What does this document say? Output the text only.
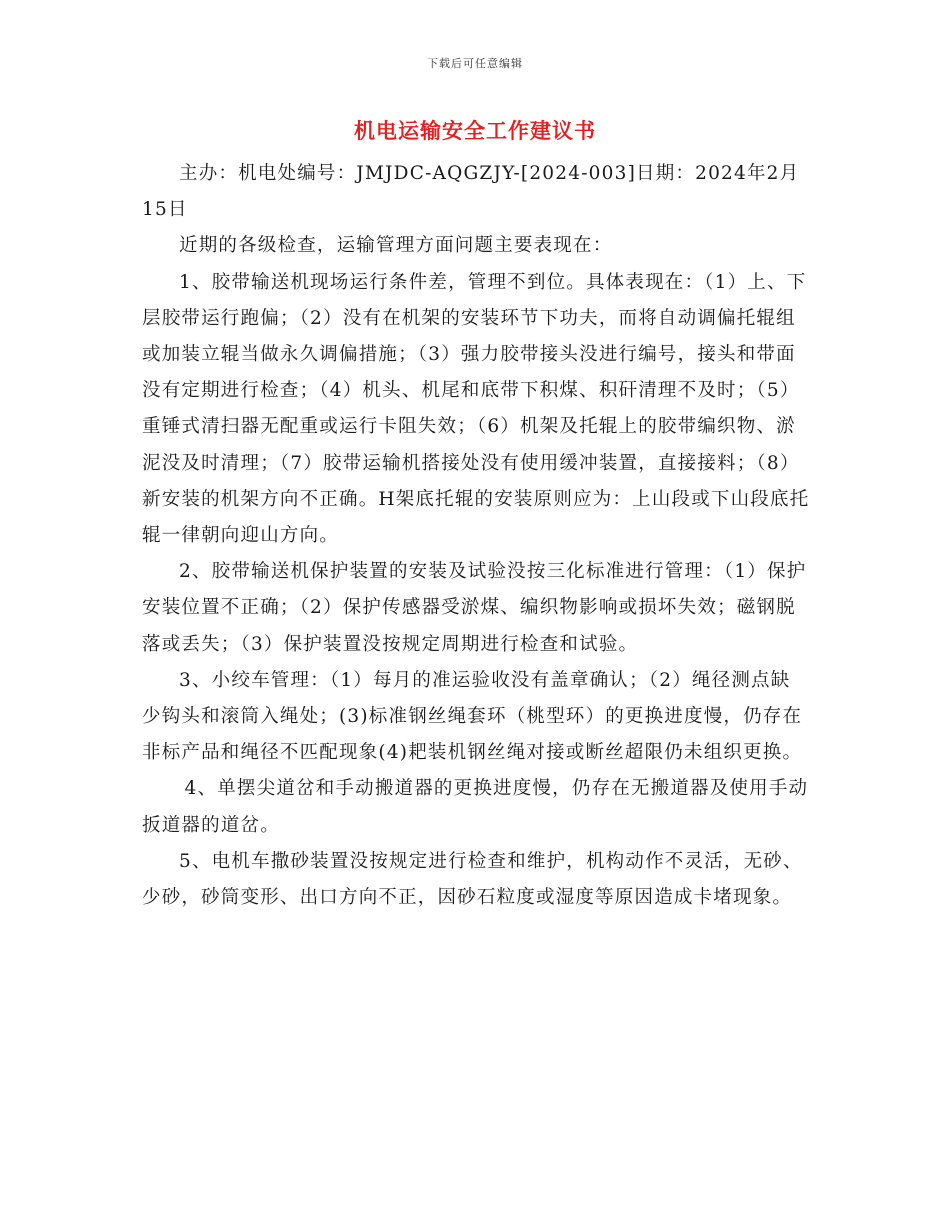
下载后可任意编辑
机电运输安全工作建议书

主办：机电处编号：JMJDC-AQGZJY-[2024-003]日期：2024年2月15日

近期的各级检查，运输管理方面问题主要表现在：

1、胶带输送机现场运行条件差，管理不到位。具体表现在：（1）上、下层胶带运行跑偏；（2）没有在机架的安装环节下功夫，而将自动调偏托辊组或加装立辊当做永久调偏措施；（3）强力胶带接头没进行编号，接头和带面没有定期进行检查；（4）机头、机尾和底带下积煤、积矸清理不及时；（5）重锤式清扫器无配重或运行卡阻失效；（6）机架及托辊上的胶带编织物、淤泥没及时清理；（7）胶带运输机搭接处没有使用缓冲装置，直接接料；（8）新安装的机架方向不正确。H架底托辊的安装原则应为：上山段或下山段底托辊一律朝向迎山方向。

2、胶带输送机保护装置的安装及试验没按三化标准进行管理：（1）保护安装位置不正确；（2）保护传感器受淤煤、编织物影响或损坏失效；磁钢脱落或丢失；（3）保护装置没按规定周期进行检查和试验。

3、小绞车管理：（1）每月的准运验收没有盖章确认；（2）绳径测点缺少钩头和滚筒入绳处；(3)标准钢丝绳套环（桃型环）的更换进度慢，仍存在非标产品和绳径不匹配现象(4)耙装机钢丝绳对接或断丝超限仍未组织更换。

4、单摆尖道岔和手动搬道器的更换进度慢，仍存在无搬道器及使用手动扳道器的道岔。

5、电机车撒砂装置没按规定进行检查和维护，机构动作不灵活，无砂、少砂，砂筒变形、出口方向不正，因砂石粒度或湿度等原因造成卡堵现象。
